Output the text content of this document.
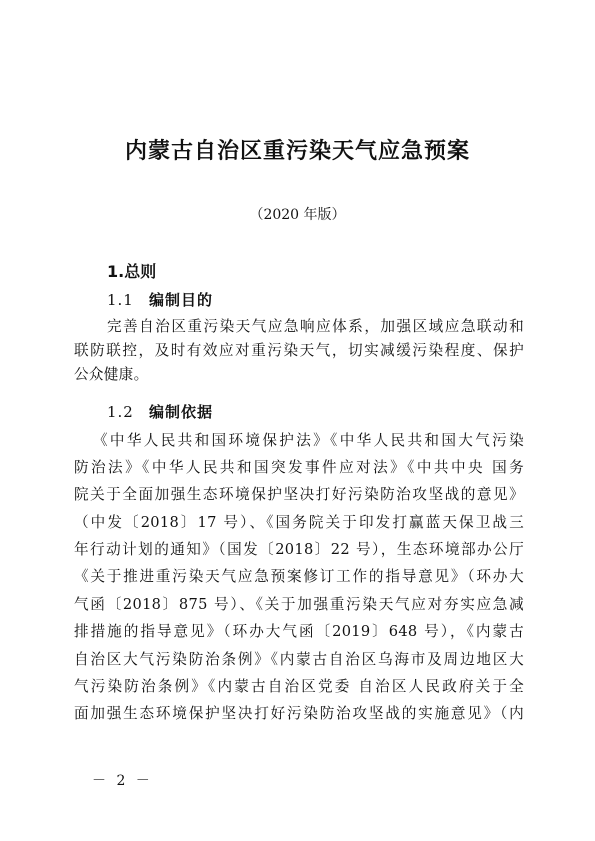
内蒙古自治区重污染天气应急预案
（2020 年版）
1.总则
1.1 编制目的
完善自治区重污染天气应急响应体系，加强区域应急联动和
联防联控，及时有效应对重污染天气，切实减缓污染程度、保护
公众健康。
1.2 编制依据
《中华人民共和国环境保护法》《中华人民共和国大气污染
防治法》《中华人民共和国突发事件应对法》《中共中央 国务
院关于全面加强生态环境保护坚决打好污染防治攻坚战的意见》
（中发〔2018〕17 号）、《国务院关于印发打赢蓝天保卫战三
年行动计划的通知》（国发〔2018〕22 号），生态环境部办公厅
《关于推进重污染天气应急预案修订工作的指导意见》（环办大
气函〔2018〕875 号）、《关于加强重污染天气应对夯实应急减
排措施的指导意见》（环办大气函〔2019〕648 号），《内蒙古
自治区大气污染防治条例》《内蒙古自治区乌海市及周边地区大
气污染防治条例》《内蒙古自治区党委 自治区人民政府关于全
面加强生态环境保护坚决打好污染防治攻坚战的实施意见》（内
－ 2 －
